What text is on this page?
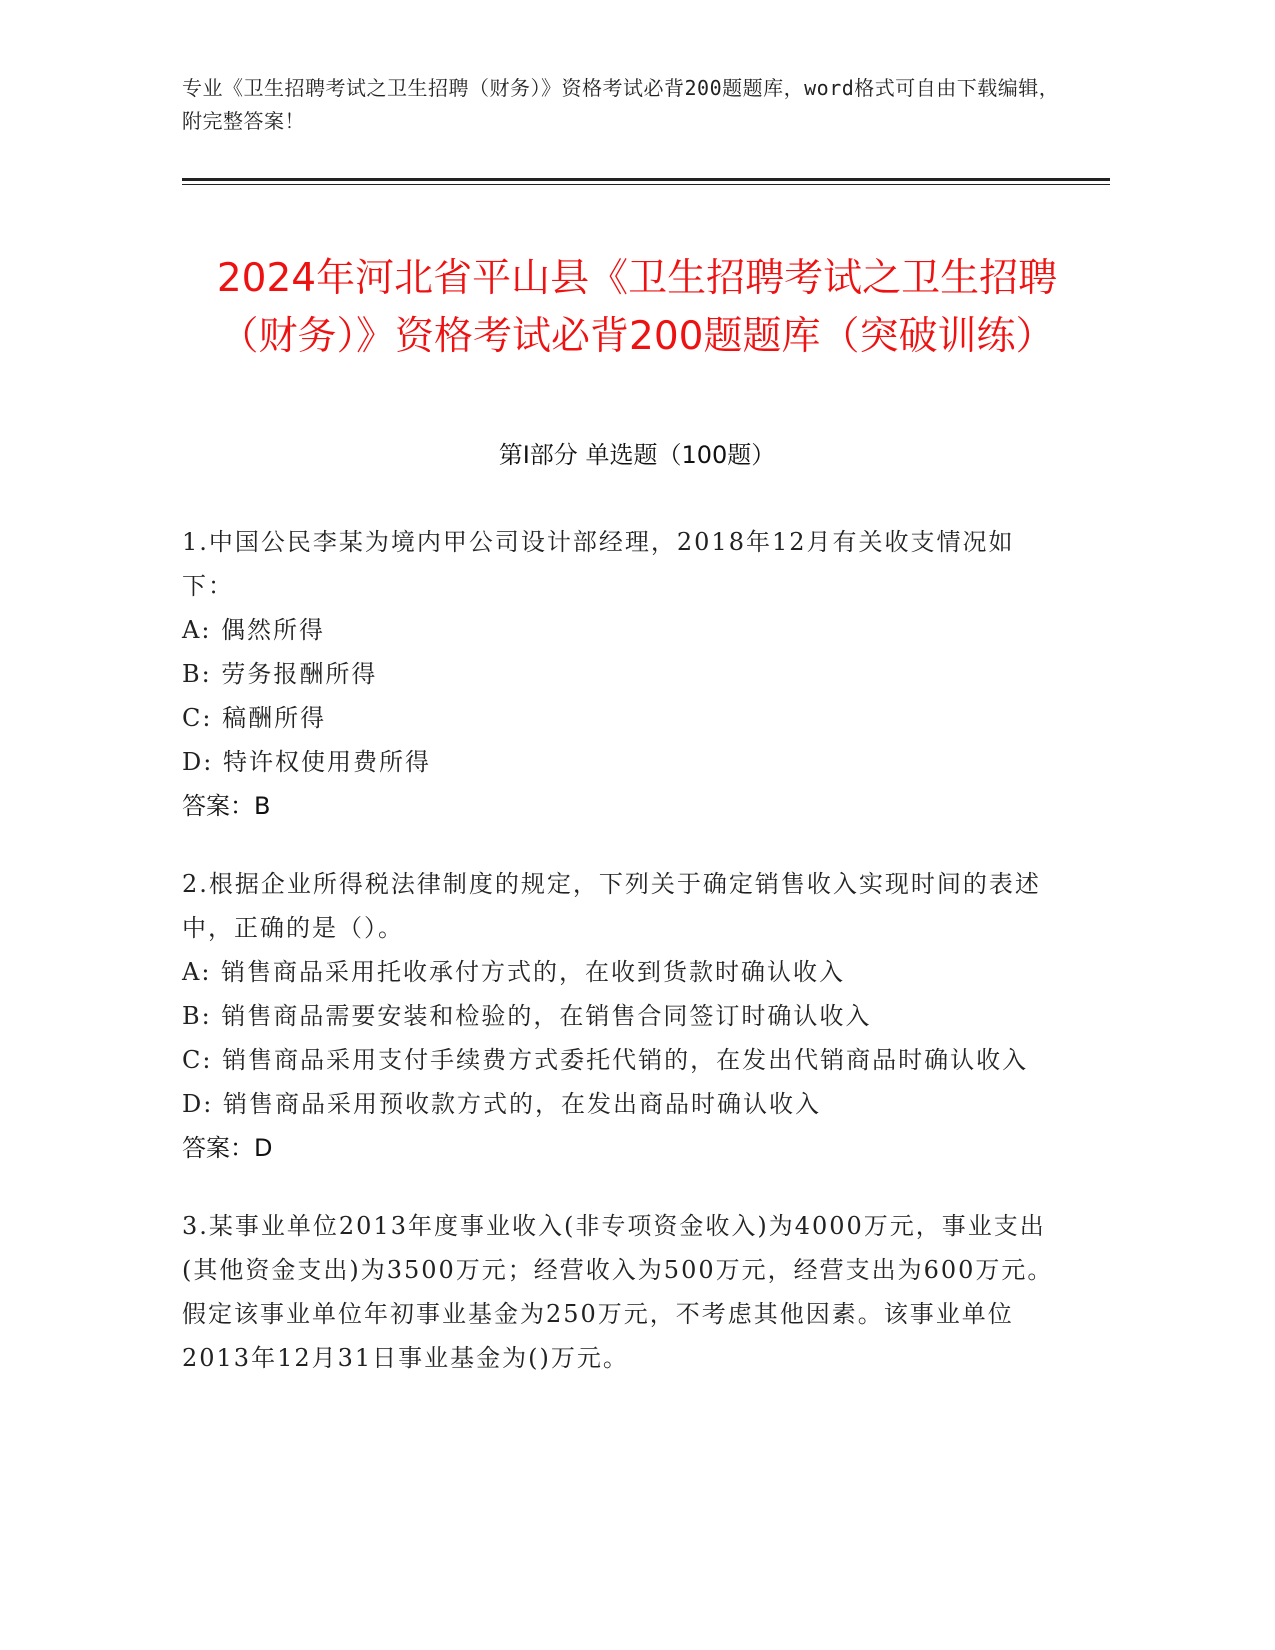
专业《卫生招聘考试之卫生招聘（财务）》资格考试必背200题题库，word格式可自由下载编辑，附完整答案！
2024年河北省平山县《卫生招聘考试之卫生招聘（财务）》资格考试必背200题题库（突破训练）
第Ⅰ部分 单选题（100题）

1.中国公民李某为境内甲公司设计部经理，2018年12月有关收支情况如下：

A: 偶然所得

B: 劳务报酬所得

C: 稿酬所得

D: 特许权使用费所得

答案：B

2.根据企业所得税法律制度的规定，下列关于确定销售收入实现时间的表述中，正确的是（）。

A: 销售商品采用托收承付方式的，在收到货款时确认收入

B: 销售商品需要安装和检验的，在销售合同签订时确认收入

C: 销售商品采用支付手续费方式委托代销的，在发出代销商品时确认收入

D: 销售商品采用预收款方式的，在发出商品时确认收入

答案：D

3.某事业单位2013年度事业收入(非专项资金收入)为4000万元，事业支出(其他资金支出)为3500万元；经营收入为500万元，经营支出为600万元。假定该事业单位年初事业基金为250万元，不考虑其他因素。该事业单位2013年12月31日事业基金为()万元。
